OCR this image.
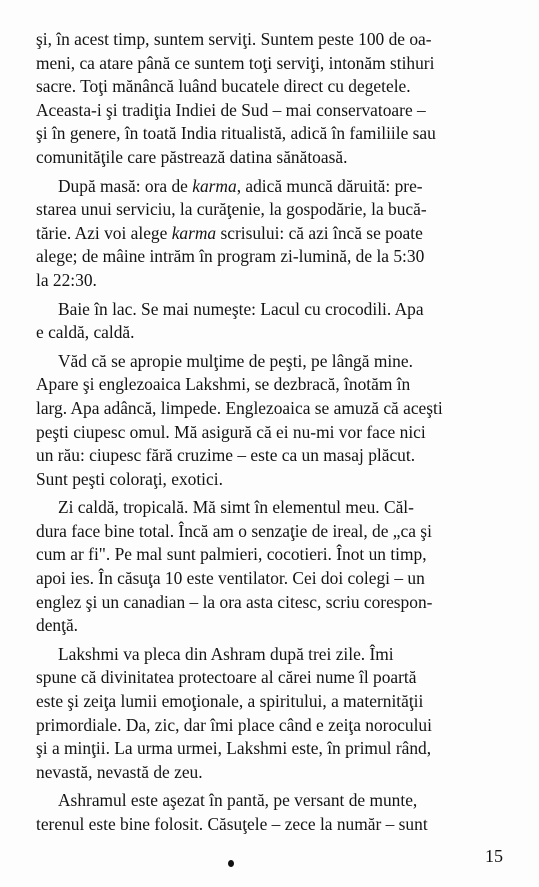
şi, în acest timp, suntem serviţi. Suntem peste 100 de oa-
meni, ca atare până ce suntem toţi serviţi, intonăm stihuri
sacre. Toţi mănâncă luând bucatele direct cu degetele.
Aceasta-i şi tradiţia Indiei de Sud – mai conservatoare –
şi în genere, în toată India ritualistă, adică în familiile sau
comunităţile care păstrează datina sănătoasă.

După masă: ora de karma, adică muncă dăruită: pre-
starea unui serviciu, la curăţenie, la gospodărie, la bucă-
tărie. Azi voi alege karma scrisului: că azi încă se poate
alege; de mâine intrăm în program zi-lumină, de la 5:30
la 22:30.

Baie în lac. Se mai numeşte: Lacul cu crocodili. Apa
e caldă, caldă.

Văd că se apropie mulţime de peşti, pe lângă mine.
Apare şi englezoaica Lakshmi, se dezbracă, înotăm în
larg. Apa adâncă, limpede. Englezoaica se amuză că aceşti
peşti ciupesc omul. Mă asigură că ei nu-mi vor face nici
un rău: ciupesc fără cruzime – este ca un masaj plăcut.
Sunt peşti coloraţi, exotici.

Zi caldă, tropicală. Mă simt în elementul meu. Căl-
dura face bine total. Încă am o senzaţie de ireal, de „ca şi
cum ar fi". Pe mal sunt palmieri, cocotieri. Înot un timp,
apoi ies. În căsuţa 10 este ventilator. Cei doi colegi – un
englez şi un canadian – la ora asta citesc, scriu corespon-
denţă.

Lakshmi va pleca din Ashram după trei zile. Îmi
spune că divinitatea protectoare al cărei nume îl poartă
este şi zeiţa lumii emoţionale, a spiritului, a maternităţii
primordiale. Da, zic, dar îmi place când e zeiţa norocului
şi a minţii. La urma urmei, Lakshmi este, în primul rând,
nevastă, nevastă de zeu.

Ashramul este aşezat în pantă, pe versant de munte,
terenul este bine folosit. Căsuţele – zece la număr – sunt

15
